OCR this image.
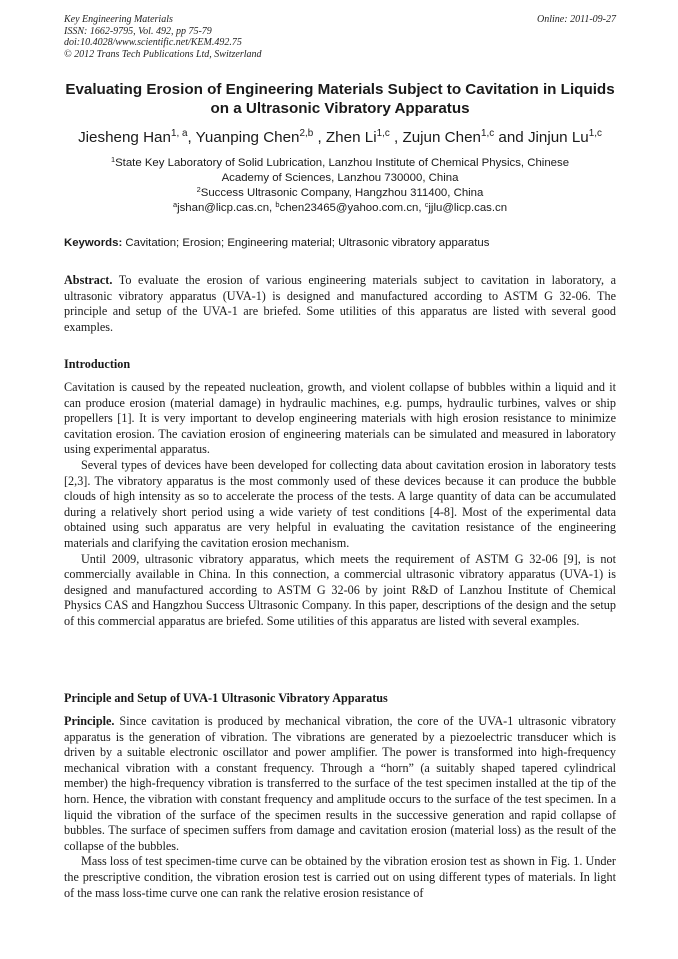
Key Engineering Materials
ISSN: 1662-9795, Vol. 492, pp 75-79
doi:10.4028/www.scientific.net/KEM.492.75
© 2012 Trans Tech Publications Ltd, Switzerland
Online: 2011-09-27
Evaluating Erosion of Engineering Materials Subject to Cavitation in Liquids on a Ultrasonic Vibratory Apparatus
Jiesheng Han$^{1, a}$, Yuanping Chen$^{2,b}$ , Zhen Li$^{1,c}$ , Zujun Chen$^{1,c}$ and Jinjun Lu$^{1,c}$
$^1$State Key Laboratory of Solid Lubrication, Lanzhou Institute of Chemical Physics, Chinese
Academy of Sciences, Lanzhou 730000, China
$^2$Success Ultrasonic Company, Hangzhou 311400, China
$^a$jshan@licp.cas.cn, $^b$chen23465@yahoo.com.cn, $^c$jjlu@licp.cas.cn
Keywords: Cavitation; Erosion; Engineering material; Ultrasonic vibratory apparatus

Abstract. To evaluate the erosion of various engineering materials subject to cavitation in laboratory, a ultrasonic vibratory apparatus (UVA-1) is designed and manufactured according to ASTM G 32-06. The principle and setup of the UVA-1 are briefed. Some utilities of this apparatus are listed with several good examples.

Introduction

Cavitation is caused by the repeated nucleation, growth, and violent collapse of bubbles within a liquid and it can produce erosion (material damage) in hydraulic machines, e.g. pumps, hydraulic turbines, valves or ship propellers [1]. It is very important to develop engineering materials with high erosion resistance to minimize cavitation erosion. The caviation erosion of engineering materials can be simulated and measured in laboratory using experimental apparatus.

Several types of devices have been developed for collecting data about cavitation erosion in laboratory tests [2,3]. The vibratory apparatus is the most commonly used of these devices because it can produce the bubble clouds of high intensity as so to accelerate the process of the tests. A large quantity of data can be accumulated during a relatively short period using a wide variety of test conditions [4-8]. Most of the experimental data obtained using such apparatus are very helpful in evaluating the cavitation resistance of the engineering materials and clarifying the cavitation erosion mechanism.

Until 2009, ultrasonic vibratory apparatus, which meets the requirement of ASTM G 32-06 [9], is not commercially available in China. In this connection, a commercial ultrasonic vibratory apparatus (UVA-1) is designed and manufactured according to ASTM G 32-06 by joint R&D of Lanzhou Institute of Chemical Physics CAS and Hangzhou Success Ultrasonic Company. In this paper, descriptions of the design and the setup of this commercial apparatus are briefed. Some utilities of this apparatus are listed with several examples.

Principle and Setup of UVA-1 Ultrasonic Vibratory Apparatus

Principle. Since cavitation is produced by mechanical vibration, the core of the UVA-1 ultrasonic vibratory apparatus is the generation of vibration. The vibrations are generated by a piezoelectric transducer which is driven by a suitable electronic oscillator and power amplifier. The power is transformed into high-frequency mechanical vibration with a constant frequency. Through a “horn” (a suitably shaped tapered cylindrical member) the high-frequency vibration is transferred to the surface of the test specimen installed at the tip of the horn. Hence, the vibration with constant frequency and amplitude occurs to the surface of the test specimen. In a liquid the vibration of the surface of the specimen results in the successive generation and rapid collapse of bubbles. The surface of specimen suffers from damage and cavitation erosion (material loss) as the result of the collapse of the bubbles.

Mass loss of test specimen-time curve can be obtained by the vibration erosion test as shown in Fig. 1. Under the prescriptive condition, the vibration erosion test is carried out on using different types of materials. In light of the mass loss-time curve one can rank the relative erosion resistance of
